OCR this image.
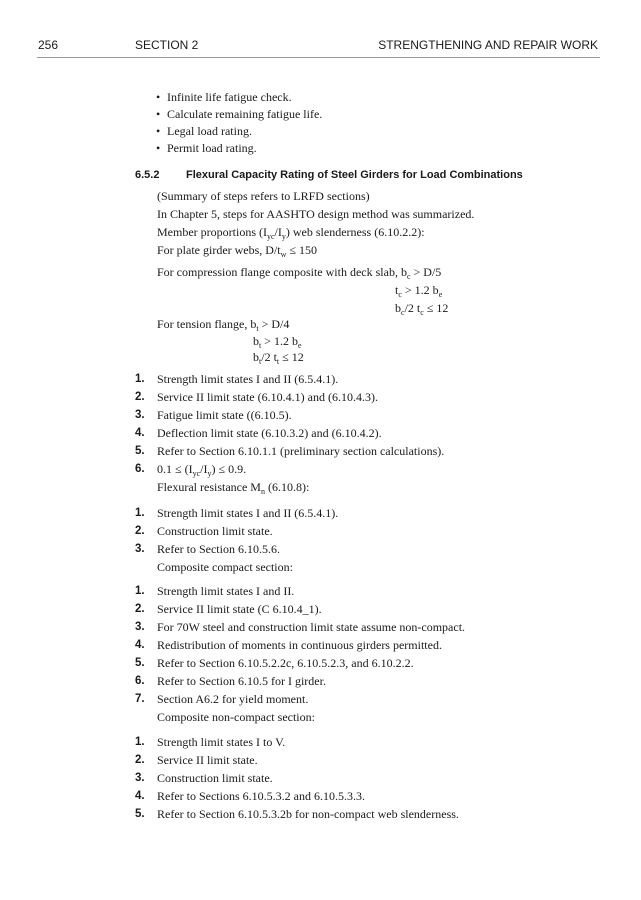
256	SECTION 2	STRENGTHENING AND REPAIR WORK
• Infinite life fatigue check.
• Calculate remaining fatigue life.
• Legal load rating.
• Permit load rating.
6.5.2 Flexural Capacity Rating of Steel Girders for Load Combinations
(Summary of steps refers to LRFD sections)
In Chapter 5, steps for AASHTO design method was summarized.
Member proportions $(I_{yc}/I_y)$ web slenderness (6.10.2.2):
For plate girder webs, $D/t_w \le 150$
For compression flange composite with deck slab, $b_c > D/5$
$t_c > 1.2$ $b_e$
$b_c/2$ $t_c \le 12$
For tension flange, $b_t > D/4$
$b_t > 1.2$ $b_e$
$b_t/2$ $t_t \le 12$
1. Strength limit states I and II (6.5.4.1).
2. Service II limit state (6.10.4.1) and (6.10.4.3).
3. Fatigue limit state ((6.10.5).
4. Deflection limit state (6.10.3.2) and (6.10.4.2).
5. Refer to Section 6.10.1.1 (preliminary section calculations).
6. $0.1 \le (I_{yc}/I_y) \le 0.9$.
Flexural resistance $M_n$ (6.10.8):
1. Strength limit states I and II (6.5.4.1).
2. Construction limit state.
3. Refer to Section 6.10.5.6.
Composite compact section:
1. Strength limit states I and II.
2. Service II limit state (C 6.10.4_1).
3. For 70W steel and construction limit state assume non-compact.
4. Redistribution of moments in continuous girders permitted.
5. Refer to Section 6.10.5.2.2c, 6.10.5.2.3, and 6.10.2.2.
6. Refer to Section 6.10.5 for I girder.
7. Section A6.2 for yield moment.
Composite non-compact section:
1. Strength limit states I to V.
2. Service II limit state.
3. Construction limit state.
4. Refer to Sections 6.10.5.3.2 and 6.10.5.3.3.
5. Refer to Section 6.10.5.3.2b for non-compact web slenderness.
